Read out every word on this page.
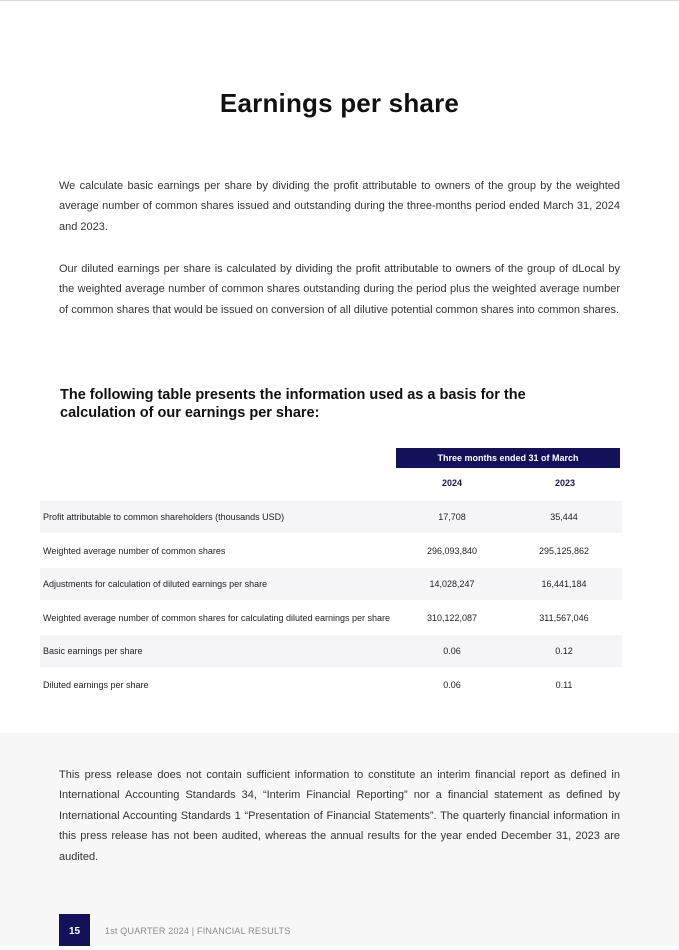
Earnings per share

We calculate basic earnings per share by dividing the profit attributable to owners of the group by the weighted average number of common shares issued and outstanding during the three-months period ended March 31, 2024 and 2023.

Our diluted earnings per share is calculated by dividing the profit attributable to owners of the group of dLocal by the weighted average number of common shares outstanding during the period plus the weighted average number of common shares that would be issued on conversion of all dilutive potential common shares into common shares.

The following table presents the information used as a basis for the calculation of our earnings per share:
Three months ended 31 of March
2024	2023
Profit attributable to common shareholders (thousands USD)	17,708	35,444
Weighted average number of common shares	296,093,840	295,125,862
Adjustments for calculation of diluted earnings per share	14,028,247	16,441,184
Weighted average number of common shares for calculating diluted earnings per share	310,122,087	311,567,046
Basic earnings per share	0.06	0.12
Diluted earnings per share	0.06	0.11

This press release does not contain sufficient information to constitute an interim financial report as defined in International Accounting Standards 34, “Interim Financial Reporting” nor a financial statement as defined by International Accounting Standards 1 “Presentation of Financial Statements”. The quarterly financial information in this press release has not been audited, whereas the annual results for the year ended December 31, 2023 are audited.

15	1st QUARTER 2024 | FINANCIAL RESULTS
